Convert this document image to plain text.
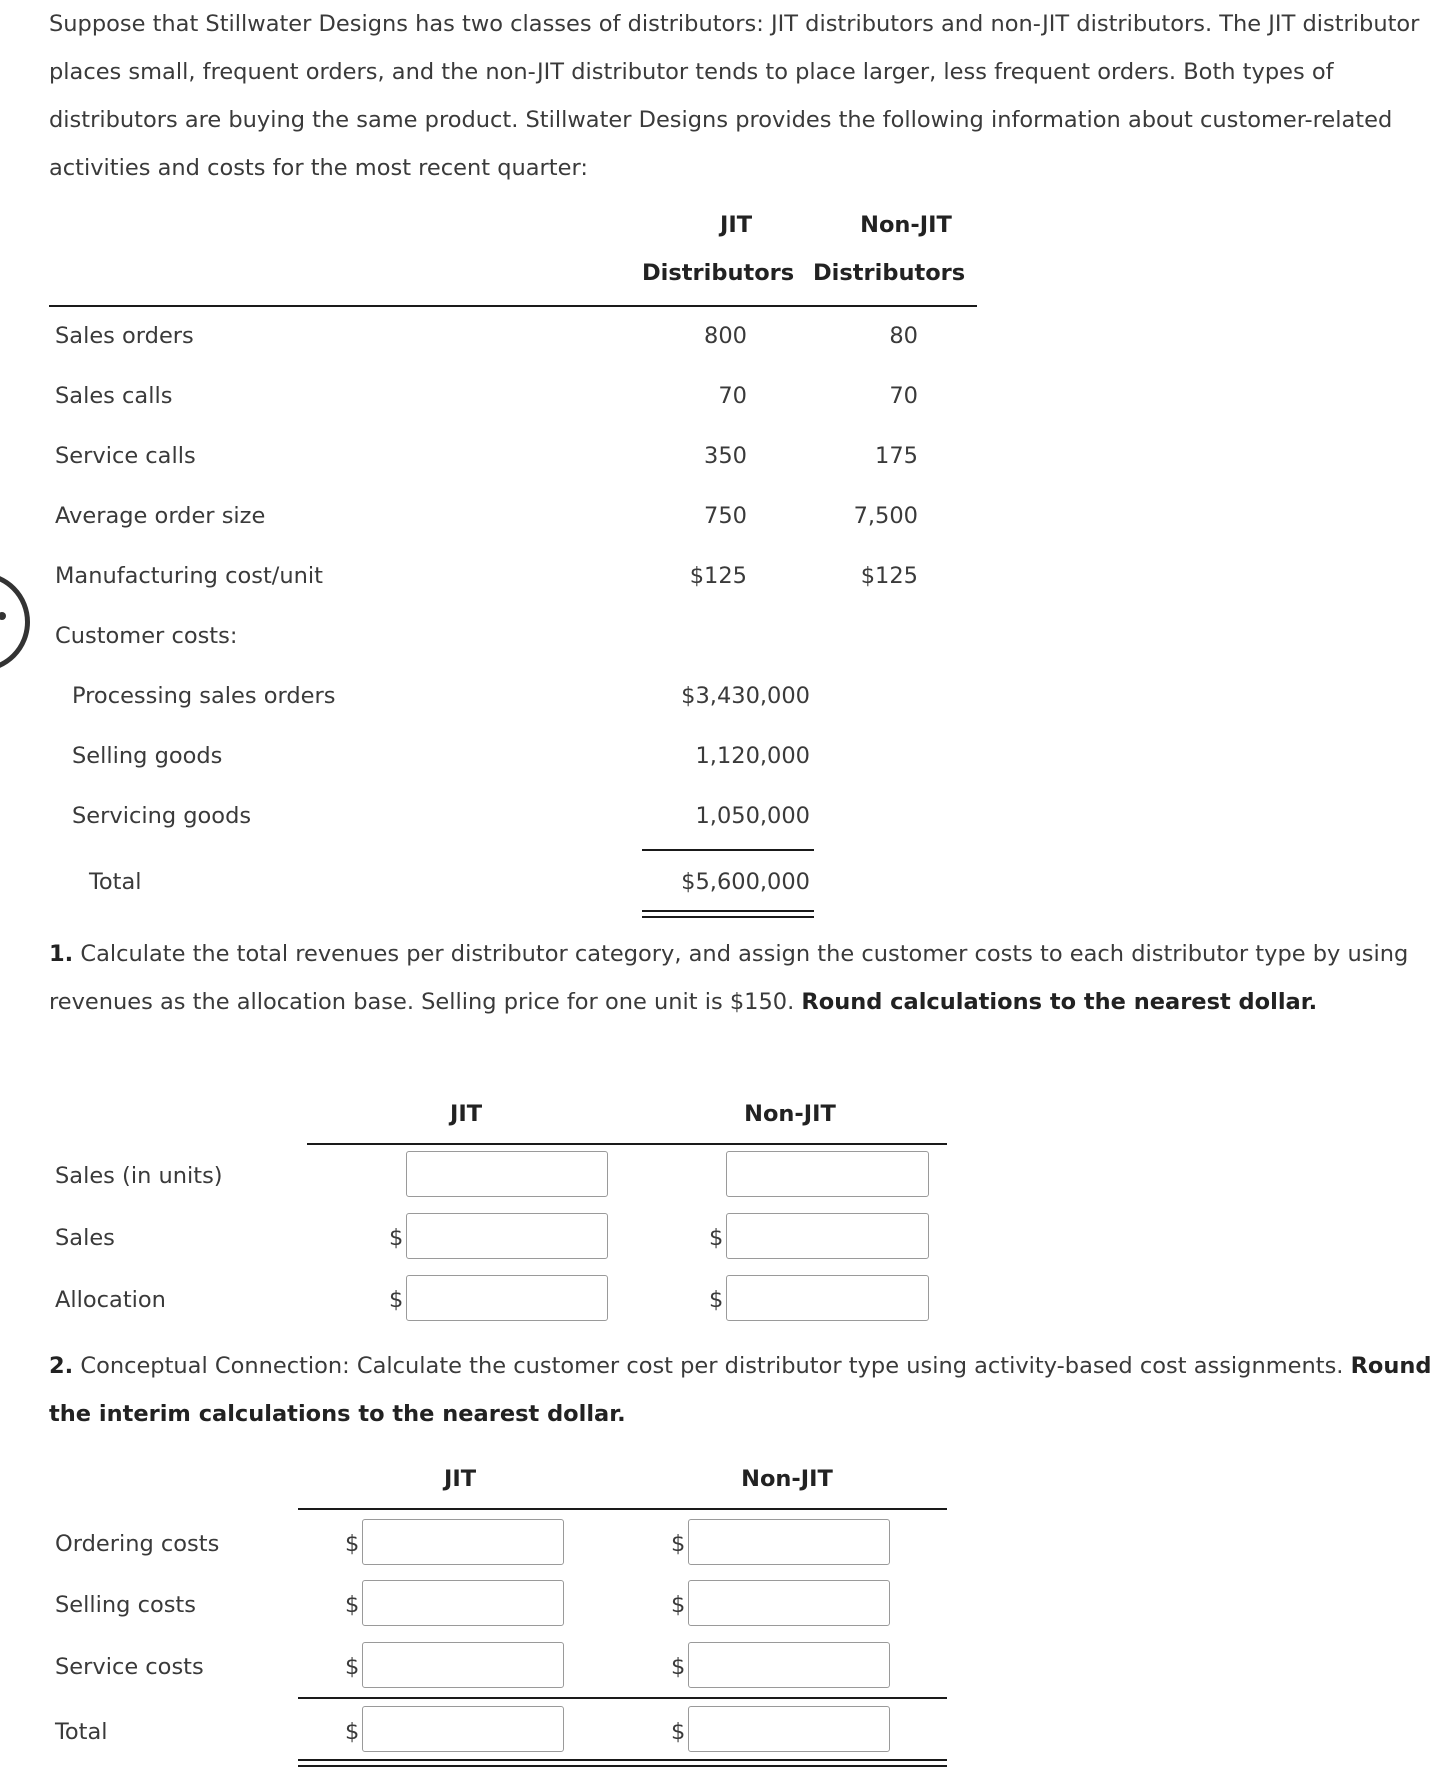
Suppose that Stillwater Designs has two classes of distributors: JIT distributors and non-JIT distributors. The JIT distributor places small, frequent orders, and the non-JIT distributor tends to place larger, less frequent orders. Both types of distributors are buying the same product. Stillwater Designs provides the following information about customer-related activities and costs for the most recent quarter:
JIT	Non-JIT
Distributors Distributors
Sales orders	800	80
Sales calls	70	70
Service calls	350	175
Average order size	750	7,500
Manufacturing cost/unit	$125	$125
Customer costs:
Processing sales orders	$3,430,000
Selling goods	1,120,000
Servicing goods	1,050,000
Total	$5,600,000
1. Calculate the total revenues per distributor category, and assign the customer costs to each distributor type by using revenues as the allocation base. Selling price for one unit is $150. Round calculations to the nearest dollar.
JIT	Non-JIT
Sales (in units)
Sales	$	$
Allocation	$	$
2. Conceptual Connection: Calculate the customer cost per distributor type using activity-based cost assignments. Round the interim calculations to the nearest dollar.
JIT	Non-JIT
Ordering costs	$	$
Selling costs	$	$
Service costs	$	$
Total	$	$
